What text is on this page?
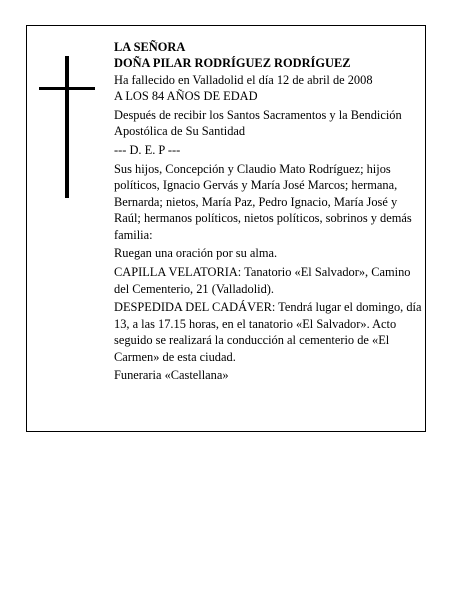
LA SEÑORA

DOÑA PILAR RODRÍGUEZ RODRÍGUEZ

Ha fallecido en Valladolid el día 12 de abril de 2008

A LOS 84 AÑOS DE EDAD

Después de recibir los Santos Sacramentos y la Bendición Apostólica de Su Santidad

--- D. E. P ---

Sus hijos, Concepción y Claudio Mato Rodríguez; hijos políticos, Ignacio Gervás y María José Marcos; hermana, Bernarda; nietos, María Paz, Pedro Ignacio, María José y Raúl; hermanos políticos, nietos políticos, sobrinos y demás familia:

Ruegan una oración por su alma.

CAPILLA VELATORIA: Tanatorio «El Salvador», Camino del Cementerio, 21 (Valladolid).

DESPEDIDA DEL CADÁVER: Tendrá lugar el domingo, día 13, a las 17.15 horas, en el tanatorio «El Salvador». Acto seguido se realizará la conducción al cementerio de «El Carmen» de esta ciudad.

Funeraria «Castellana»
